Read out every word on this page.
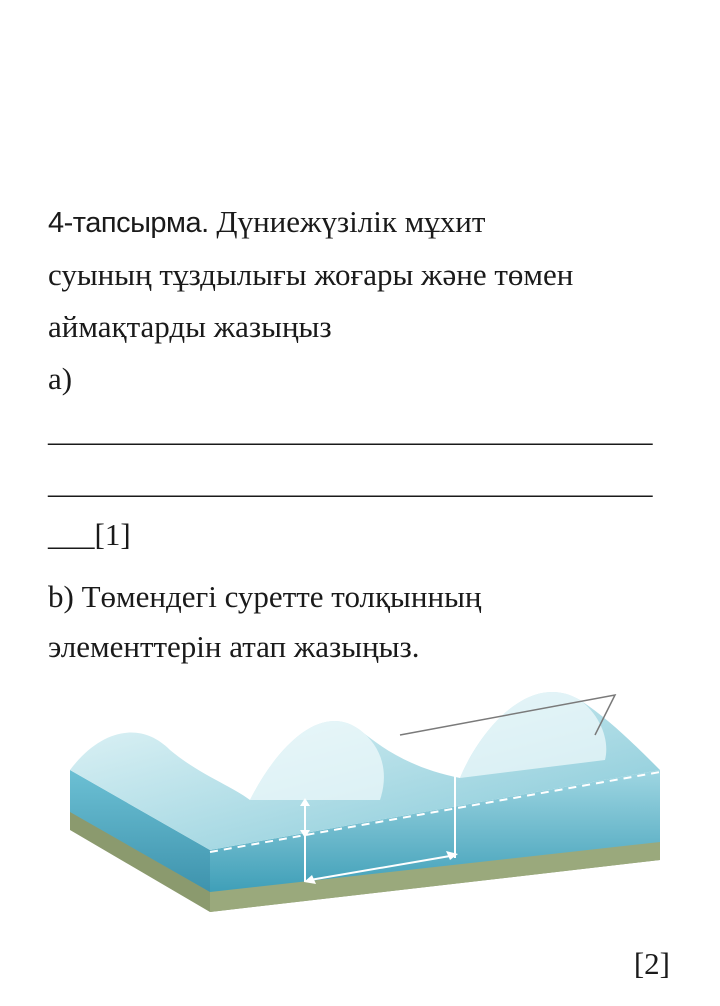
4-тапсырма. Дүниежүзілік мұхит
суының тұздылығы жоғары және төмен
аймақтарды жазыңыз
a)
_______________________________________
_______________________________________
___[1]
b) Төмендегі суретте толқынның
элементтерін атап жазыңыз.
[2]
